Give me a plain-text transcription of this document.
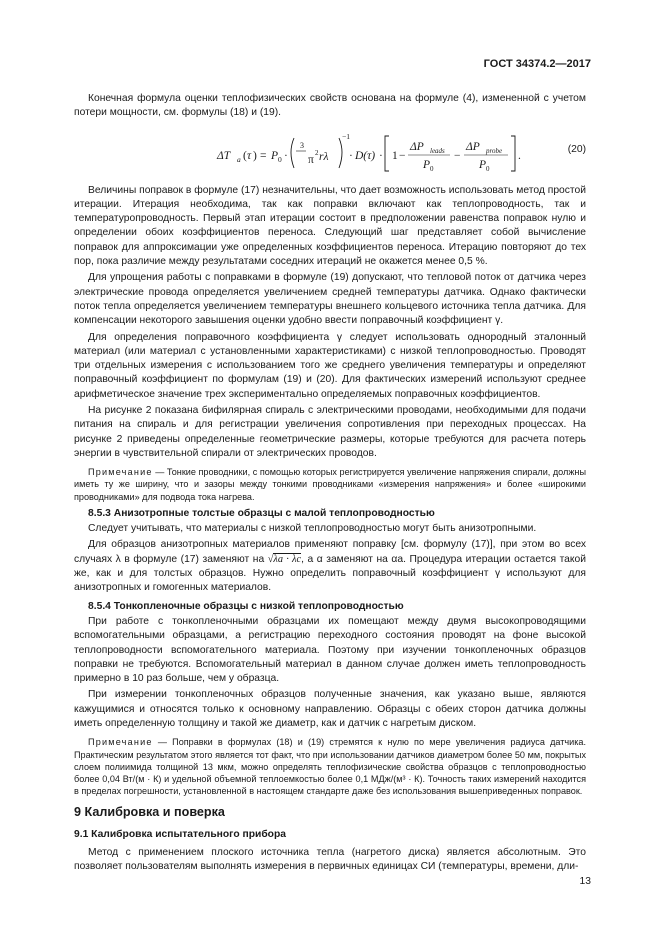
ГОСТ 34374.2—2017

Конечная формула оценки теплофизических свойств основана на формуле (4), измененной с учетом потери мощности, см. формулы (18) и (19).

ΔT a ( τ ) = P 0 ·
3
π
2 rλ
−1
· D(τ) · 1 −
ΔP leads
P 0
−
ΔP probe
P 0
.
(20)

Величины поправок в формуле (17) незначительны, что дает возможность использовать метод простой итерации. Итерация необходима, так как поправки включают как теплопроводность, так и температуропроводность. Первый этап итерации состоит в предположении равенства поправок нулю и определении обоих коэффициентов переноса. Следующий шаг представляет собой вычисление поправок для аппроксимации уже определенных коэффициентов переноса. Итерацию повторяют до тех пор, пока различие между результатами соседних итераций не окажется менее 0,5 %.

Для упрощения работы с поправками в формуле (19) допускают, что тепловой поток от датчика через электрические провода определяется увеличением средней температуры датчика. Однако фактически поток тепла определяется увеличением температуры внешнего кольцевого источника тепла датчика. Для компенсации некоторого завышения оценки удобно ввести поправочный коэффициент γ.

Для определения поправочного коэффициента γ следует использовать однородный эталонный материал (или материал с установленными характеристиками) с низкой теплопроводностью. Проводят три отдельных измерения с использованием того же среднего увеличения температуры и определяют поправочный коэффициент по формулам (19) и (20). Для фактических измерений используют среднее арифметическое значение трех экспериментально определяемых поправочных коэффициентов.

На рисунке 2 показана бифилярная спираль с электрическими проводами, необходимыми для подачи питания на спираль и для регистрации увеличения сопротивления при переходных процессах. На рисунке 2 приведены определенные геометрические размеры, которые требуются для расчета потерь энергии в чувствительной спирали от электрических проводов.

Примечание — Тонкие проводники, с помощью которых регистрируется увеличение напряжения спирали, должны иметь ту же ширину, что и зазоры между тонкими проводниками «измерения напряжения» и более «широкими проводниками» для подвода тока нагрева.

8.5.3 Анизотропные толстые образцы с малой теплопроводностью

Следует учитывать, что материалы с низкой теплопроводностью могут быть анизотропными.

Для образцов анизотропных материалов применяют поправку [см. формулу (17)], при этом во всех случаях λ в формуле (17) заменяют на √λa · λc, а α заменяют на αa. Процедура итерации остается такой же, как и для толстых образцов. Нужно определить поправочный коэффициент γ используют для анизотропных и гомогенных материалов.

8.5.4 Тонкопленочные образцы с низкой теплопроводностью

При работе с тонкопленочными образцами их помещают между двумя высокопроводящими вспомогательными образцами, а регистрацию переходного состояния проводят на фоне высокой теплопроводности вспомогательного материала. Поэтому при изучении тонкопленочных образцов поправки не требуются. Вспомогательный материал в данном случае должен иметь теплопроводность примерно в 10 раз больше, чем у образца.

При измерении тонкопленочных образцов полученные значения, как указано выше, являются кажущимися и относятся только к основному направлению. Образцы с обеих сторон датчика должны иметь определенную толщину и такой же диаметр, как и датчик с нагретым диском.

Примечание — Поправки в формулах (18) и (19) стремятся к нулю по мере увеличения радиуса датчика. Практическим результатом этого является тот факт, что при использовании датчиков диаметром более 50 мм, покрытых слоем полиимида толщиной 13 мкм, можно определять теплофизические свойства образцов с теплопроводностью более 0,04 Вт/(м · К) и удельной объемной теплоемкостью более 0,1 МДж/(м³ · К). Точность таких измерений находится в пределах погрешности, установленной в настоящем стандарте даже без использования вышеприведенных поправок.

9 Калибровка и поверка
9.1 Калибровка испытательного прибора

Метод с применением плоского источника тепла (нагретого диска) является абсолютным. Это позволяет пользователям выполнять измерения в первичных единицах СИ (температуры, времени, дли-

13
